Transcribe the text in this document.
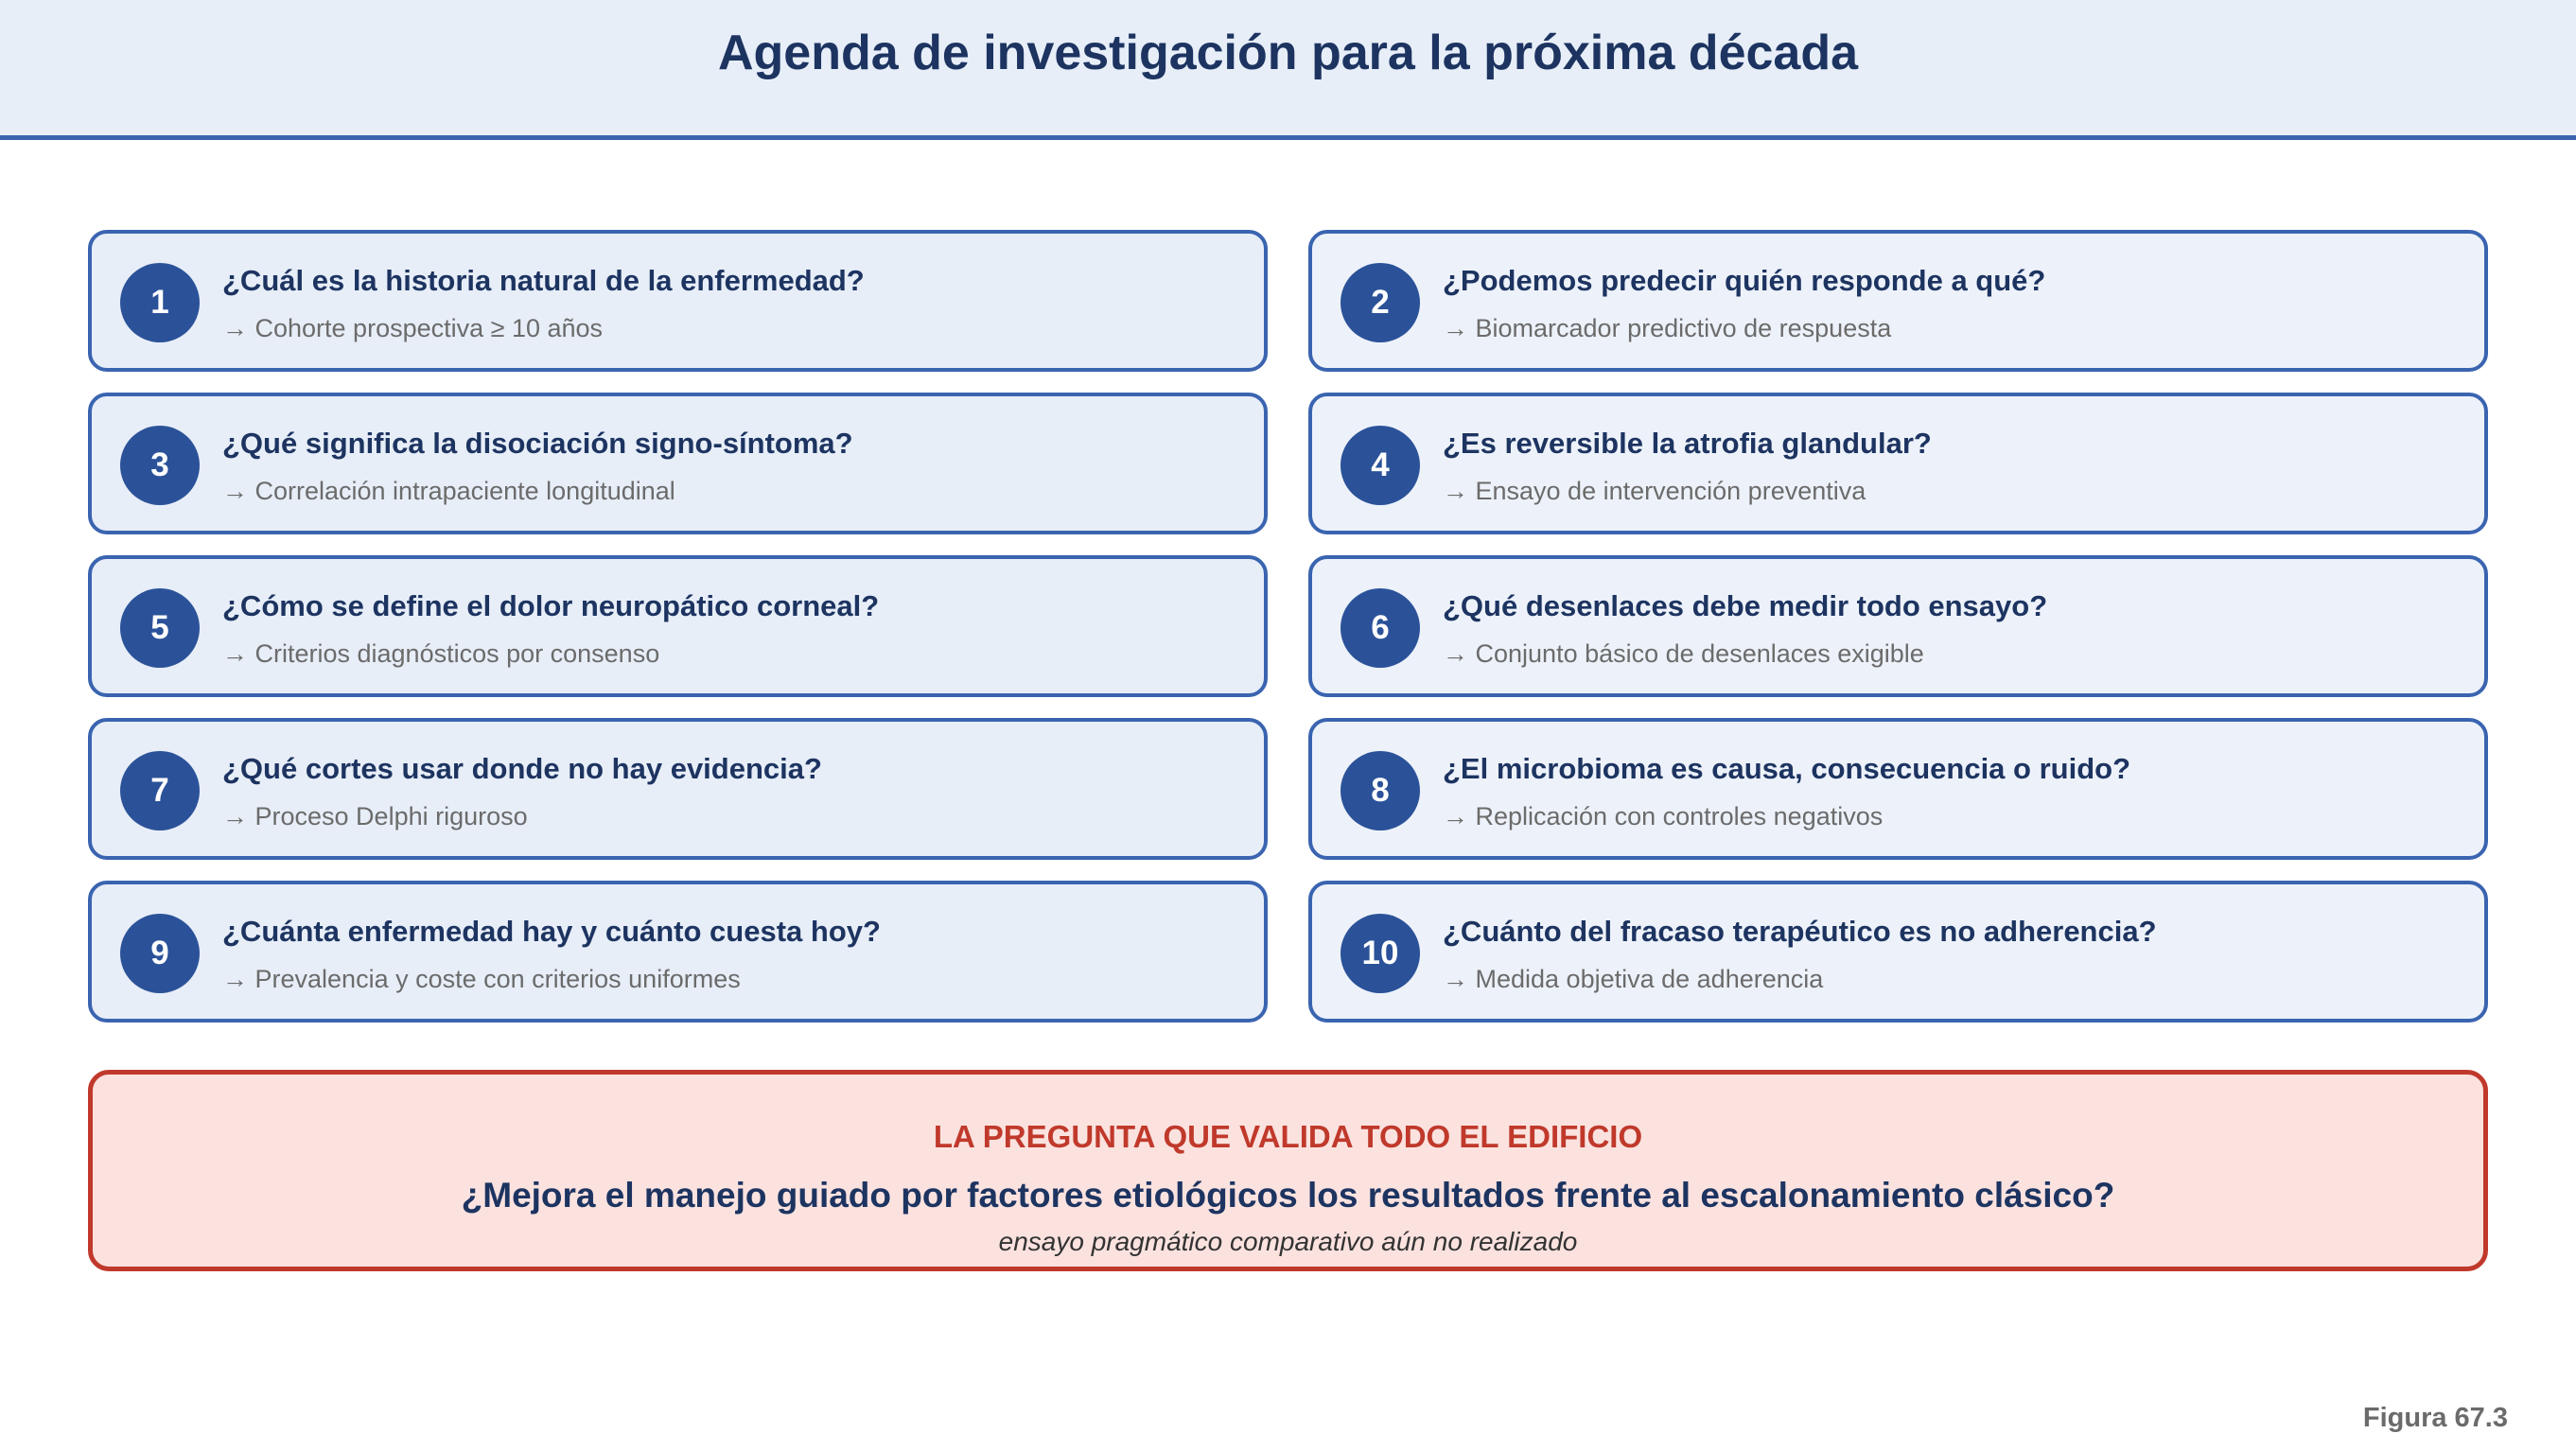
Agenda de investigación para la próxima década
1
¿Cuál es la historia natural de la enfermedad?
→ Cohorte prospectiva ≥ 10 años
2
¿Podemos predecir quién responde a qué?
→ Biomarcador predictivo de respuesta
3
¿Qué significa la disociación signo-síntoma?
→ Correlación intrapaciente longitudinal
4
¿Es reversible la atrofia glandular?
→ Ensayo de intervención preventiva
5
¿Cómo se define el dolor neuropático corneal?
→ Criterios diagnósticos por consenso
6
¿Qué desenlaces debe medir todo ensayo?
→ Conjunto básico de desenlaces exigible
7
¿Qué cortes usar donde no hay evidencia?
→ Proceso Delphi riguroso
8
¿El microbioma es causa, consecuencia o ruido?
→ Replicación con controles negativos
9
¿Cuánta enfermedad hay y cuánto cuesta hoy?
→ Prevalencia y coste con criterios uniformes
10
¿Cuánto del fracaso terapéutico es no adherencia?
→ Medida objetiva de adherencia
LA PREGUNTA QUE VALIDA TODO EL EDIFICIO
¿Mejora el manejo guiado por factores etiológicos los resultados frente al escalonamiento clásico?
ensayo pragmático comparativo aún no realizado
Figura 67.3
